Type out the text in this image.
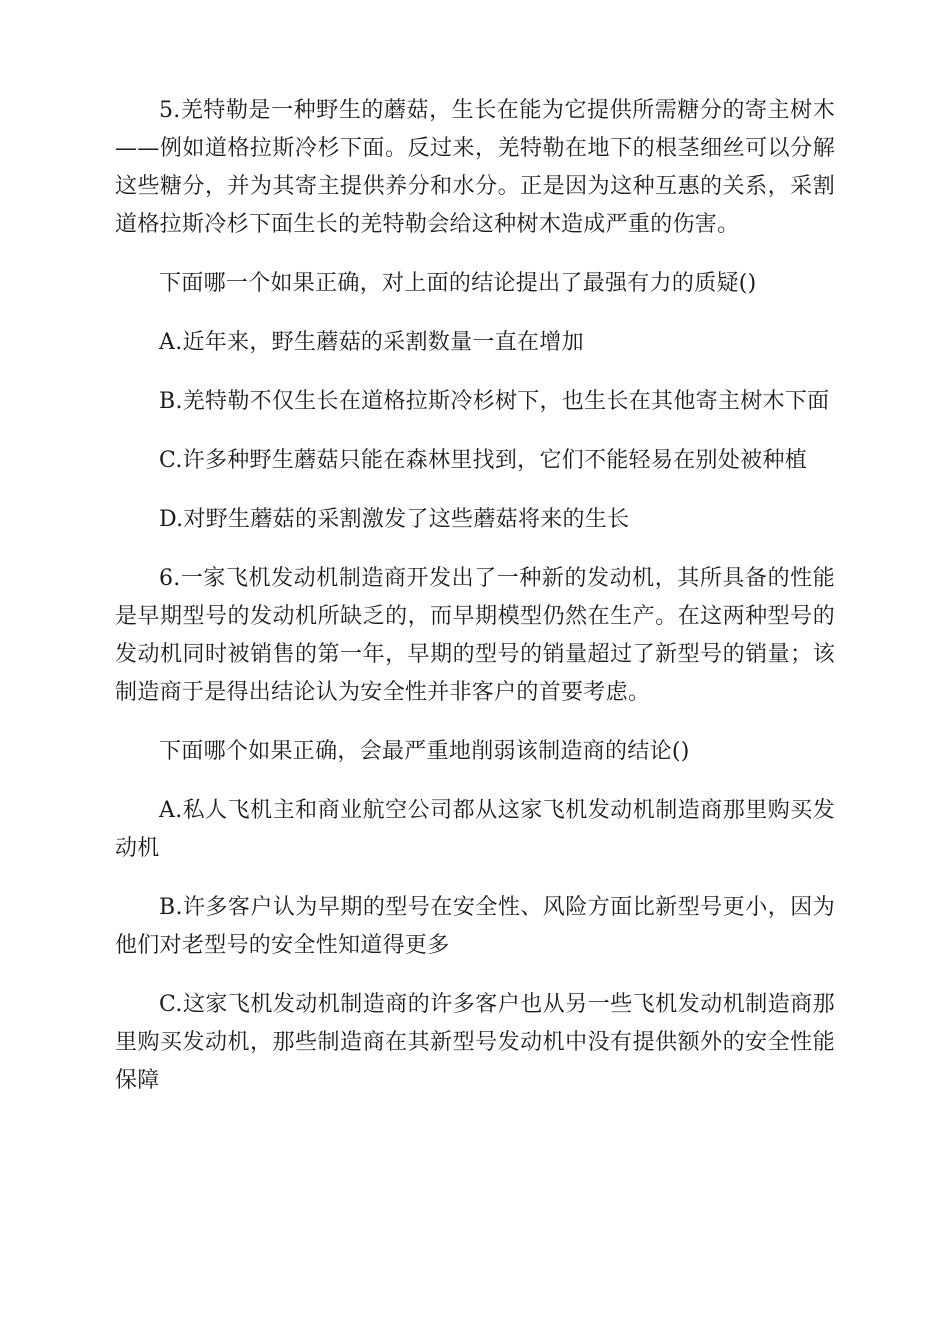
5.羌特勒是一种野生的蘑菇，生长在能为它提供所需糖分的寄主树木——例如道格拉斯冷杉下面。反过来，羌特勒在地下的根茎细丝可以分解这些糖分，并为其寄主提供养分和水分。正是因为这种互惠的关系，采割道格拉斯冷杉下面生长的羌特勒会给这种树木造成严重的伤害。

下面哪一个如果正确，对上面的结论提出了最强有力的质疑()

A.近年来，野生蘑菇的采割数量一直在增加

B.羌特勒不仅生长在道格拉斯冷杉树下，也生长在其他寄主树木下面

C.许多种野生蘑菇只能在森林里找到，它们不能轻易在别处被种植

D.对野生蘑菇的采割激发了这些蘑菇将来的生长

6.一家飞机发动机制造商开发出了一种新的发动机，其所具备的性能是早期型号的发动机所缺乏的，而早期模型仍然在生产。在这两种型号的发动机同时被销售的第一年，早期的型号的销量超过了新型号的销量；该制造商于是得出结论认为安全性并非客户的首要考虑。

下面哪个如果正确，会最严重地削弱该制造商的结论()

A.私人飞机主和商业航空公司都从这家飞机发动机制造商那里购买发动机

B.许多客户认为早期的型号在安全性、风险方面比新型号更小，因为他们对老型号的安全性知道得更多

C.这家飞机发动机制造商的许多客户也从另一些飞机发动机制造商那里购买发动机，那些制造商在其新型号发动机中没有提供额外的安全性能保障
